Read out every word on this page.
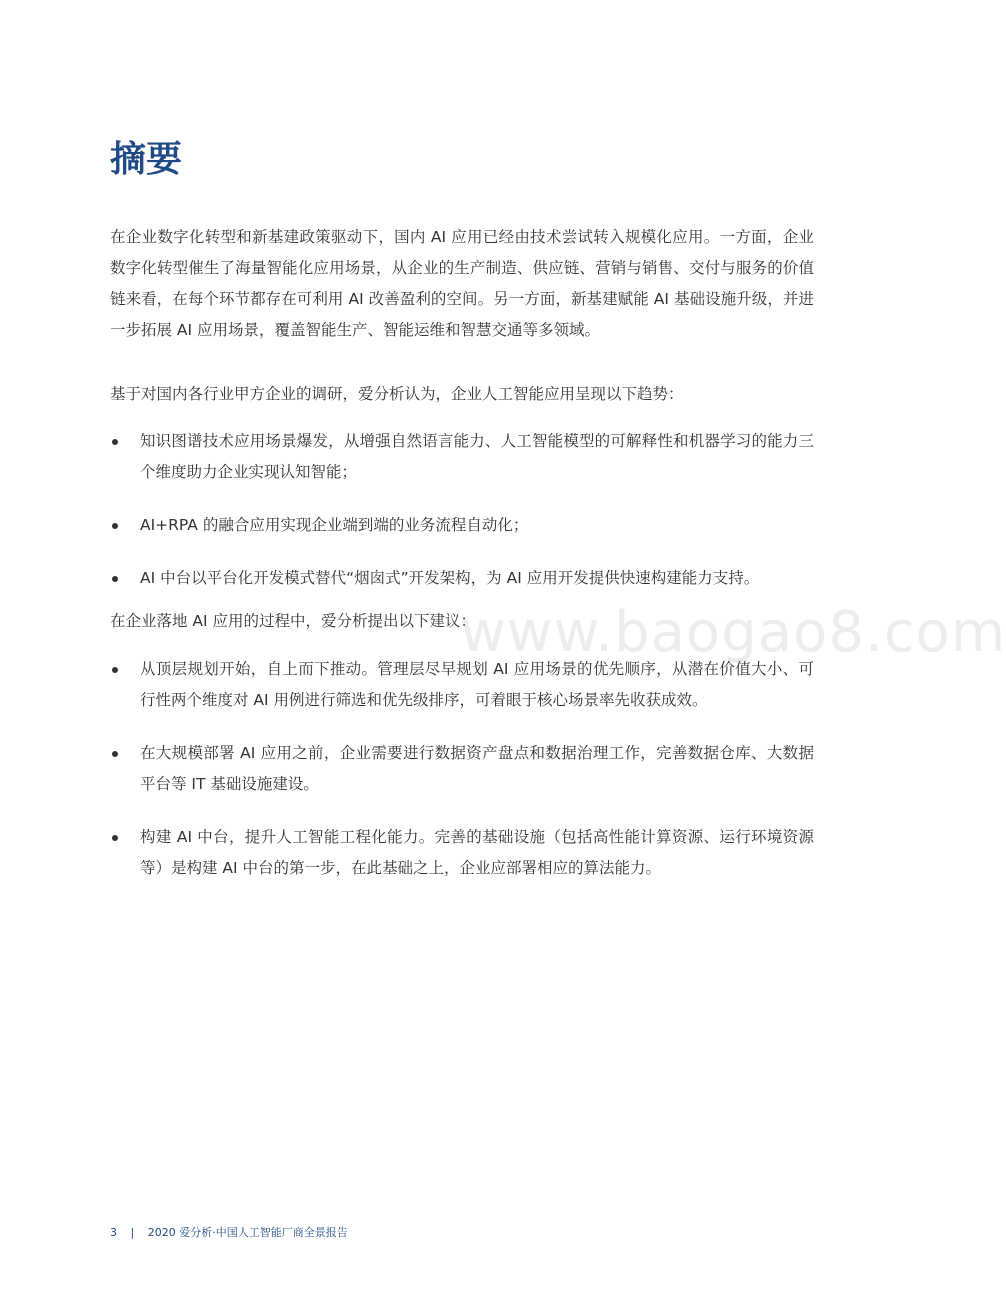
摘要

在企业数字化转型和新基建政策驱动下，国内 AI 应用已经由技术尝试转入规模化应用。一方面，企业数字化转型催生了海量智能化应用场景，从企业的生产制造、供应链、营销与销售、交付与服务的价值链来看，在每个环节都存在可利用 AI 改善盈利的空间。另一方面，新基建赋能 AI 基础设施升级，并进一步拓展 AI 应用场景，覆盖智能生产、智能运维和智慧交通等多领域。

基于对国内各行业甲方企业的调研，爱分析认为，企业人工智能应用呈现以下趋势：

知识图谱技术应用场景爆发，从增强自然语言能力、人工智能模型的可解释性和机器学习的能力三个维度助力企业实现认知智能；
AI+RPA 的融合应用实现企业端到端的业务流程自动化；
AI 中台以平台化开发模式替代“烟囱式”开发架构，为 AI 应用开发提供快速构建能力支持。

在企业落地 AI 应用的过程中，爱分析提出以下建议：

从顶层规划开始，自上而下推动。管理层尽早规划 AI 应用场景的优先顺序，从潜在价值大小、可行性两个维度对 AI 用例进行筛选和优先级排序，可着眼于核心场景率先收获成效。
在大规模部署 AI 应用之前，企业需要进行数据资产盘点和数据治理工作，完善数据仓库、大数据平台等 IT 基础设施建设。
构建 AI 中台，提升人工智能工程化能力。完善的基础设施（包括高性能计算资源、运行环境资源等）是构建 AI 中台的第一步，在此基础之上，企业应部署相应的算法能力。
www.baogao8.com
3 | 2020 爱分析·中国人工智能厂商全景报告
